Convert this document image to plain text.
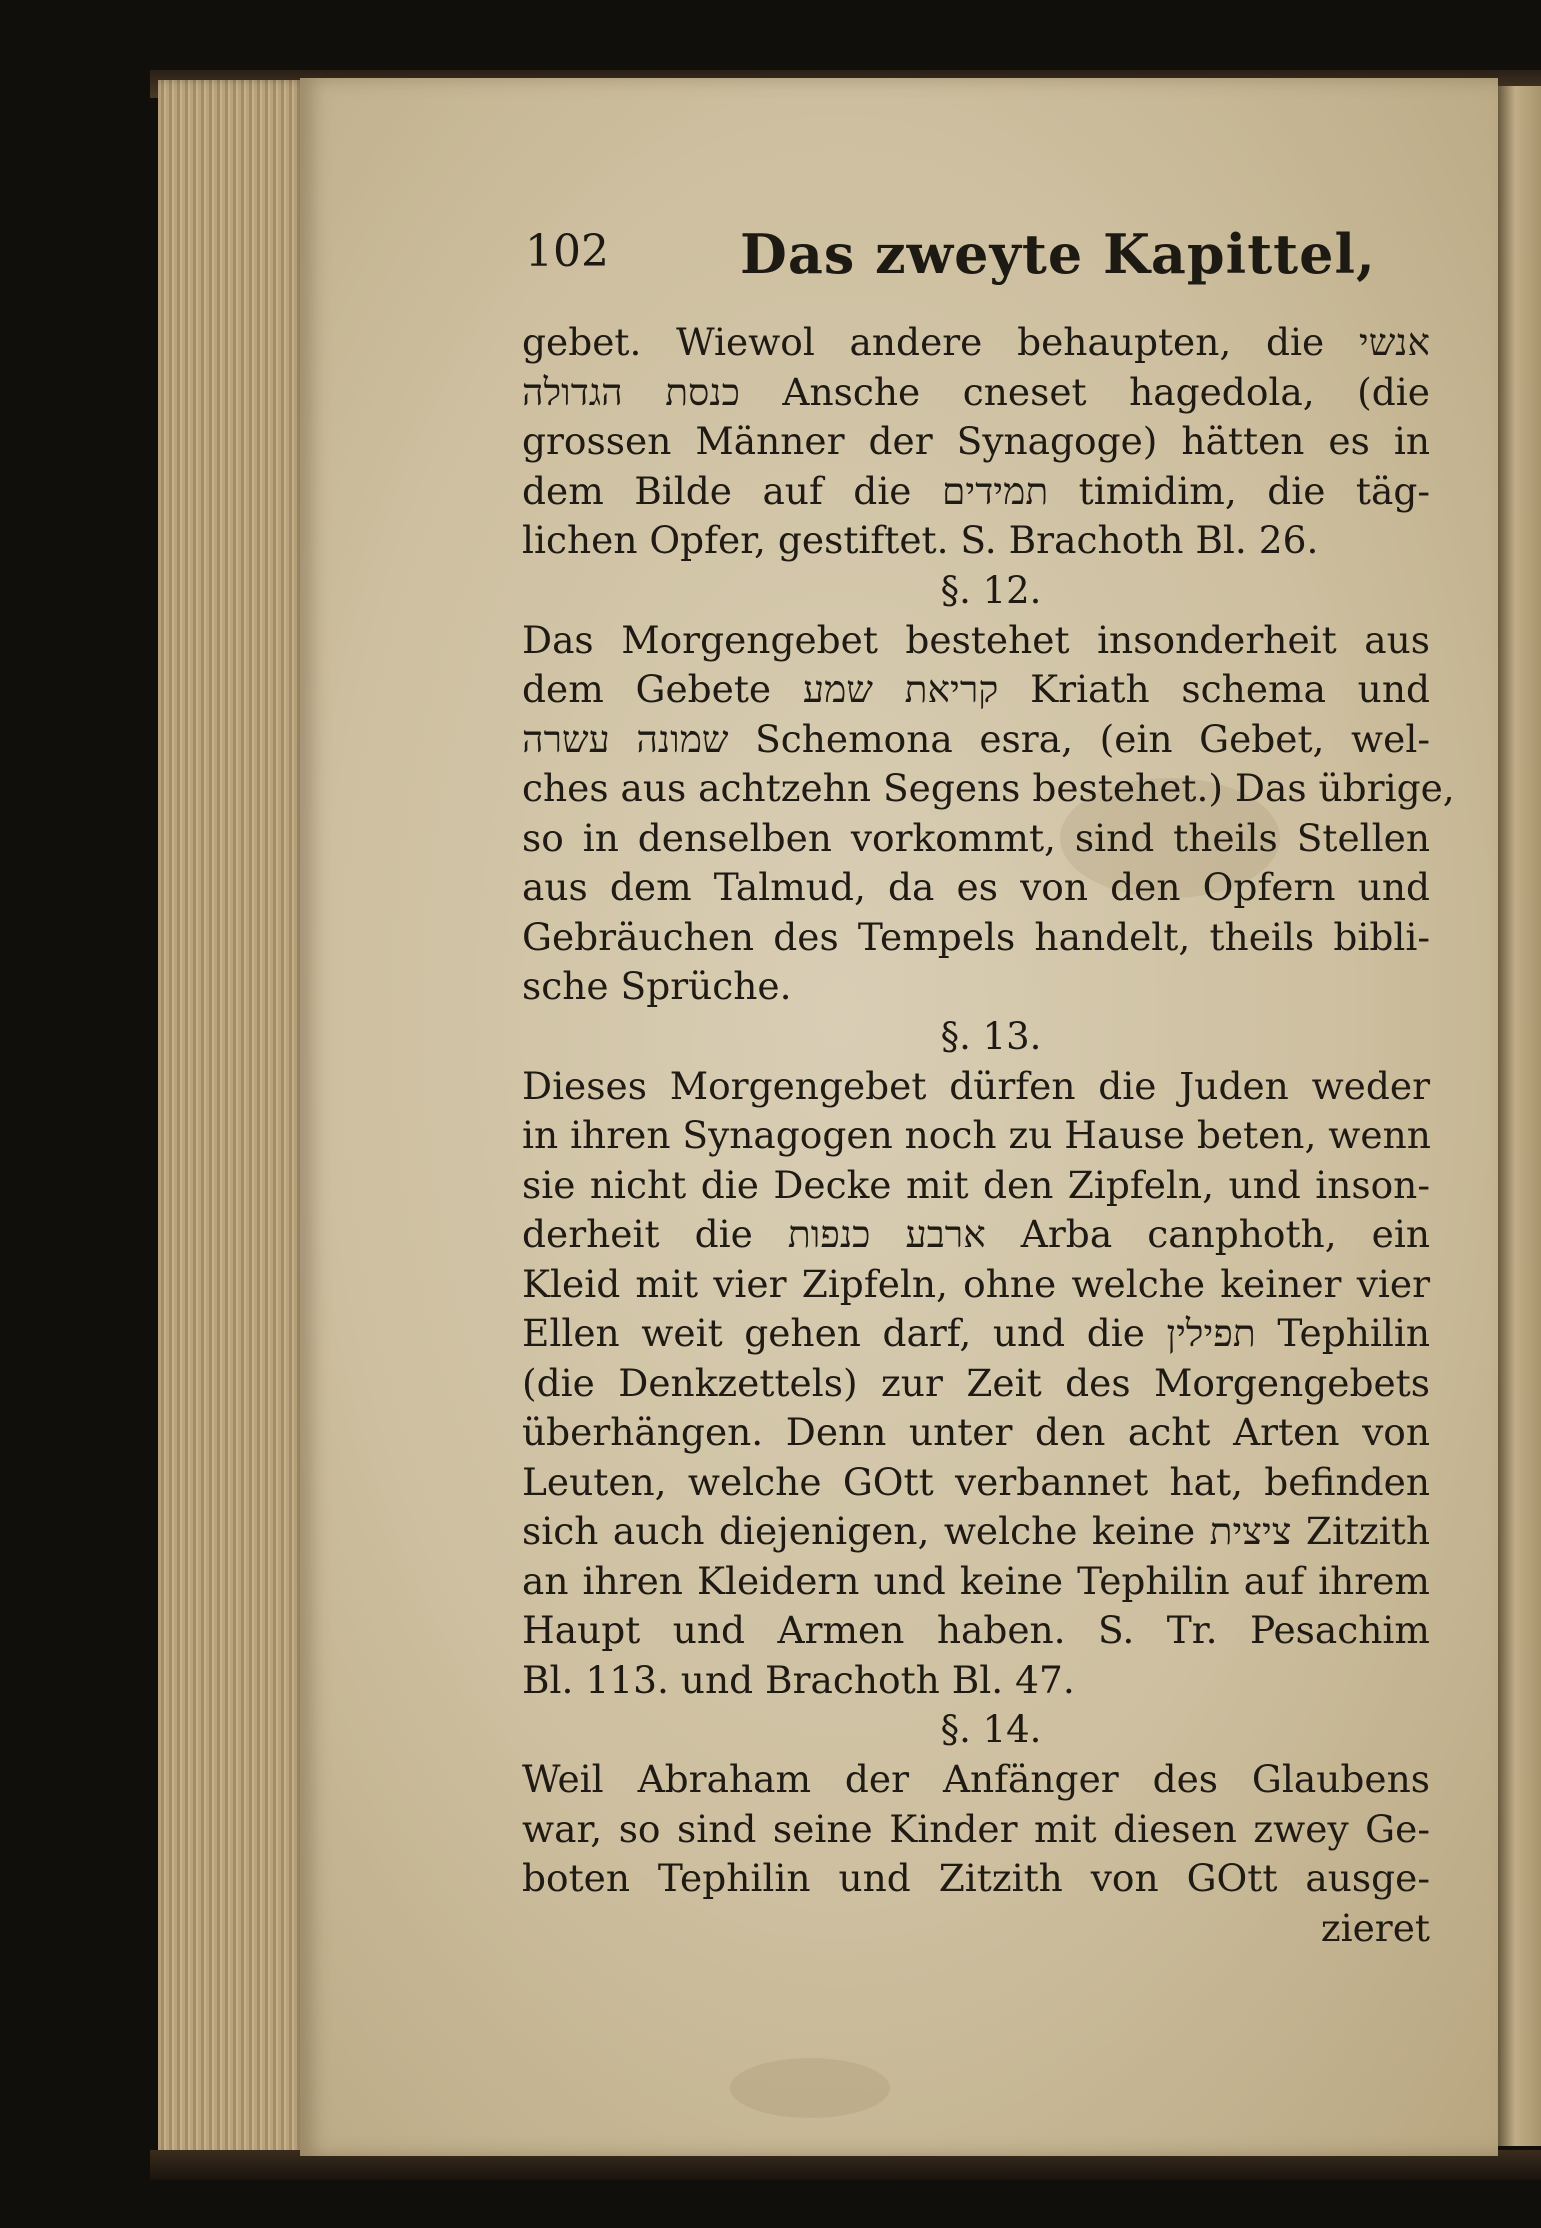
102 Das zweyte Kapittel,
gebet. Wiewol andere behaupten, die אנשי
כנסת הגדולה Ansche cneset hagedola, (die
grossen Männer der Synagoge) hätten es in
dem Bilde auf die תמידים timidim, die täg-
lichen Opfer, gestiftet. S. Brachoth Bl. 26.
§. 12.
Das Morgengebet bestehet insonderheit aus
dem Gebete קריאת שמע Kriath schema und
שמונה עשרה Schemona esra, (ein Gebet, wel-
ches aus achtzehn Segens bestehet.) Das übrige,
so in denselben vorkommt, sind theils Stellen
aus dem Talmud, da es von den Opfern und
Gebräuchen des Tempels handelt, theils bibli-
sche Sprüche.
§. 13.
Dieses Morgengebet dürfen die Juden weder
in ihren Synagogen noch zu Hause beten, wenn
sie nicht die Decke mit den Zipfeln, und inson-
derheit die ארבע כנפות Arba canphoth, ein
Kleid mit vier Zipfeln, ohne welche keiner vier
Ellen weit gehen darf, und die תפילין Tephilin
(die Denkzettels) zur Zeit des Morgengebets
überhängen. Denn unter den acht Arten von
Leuten, welche GOtt verbannet hat, befinden
sich auch diejenigen, welche keine ציצית Zitzith
an ihren Kleidern und keine Tephilin auf ihrem
Haupt und Armen haben. S. Tr. Pesachim
Bl. 113. und Brachoth Bl. 47.
§. 14.
Weil Abraham der Anfänger des Glaubens
war, so sind seine Kinder mit diesen zwey Ge-
boten Tephilin und Zitzith von GOtt ausge-
zieret
